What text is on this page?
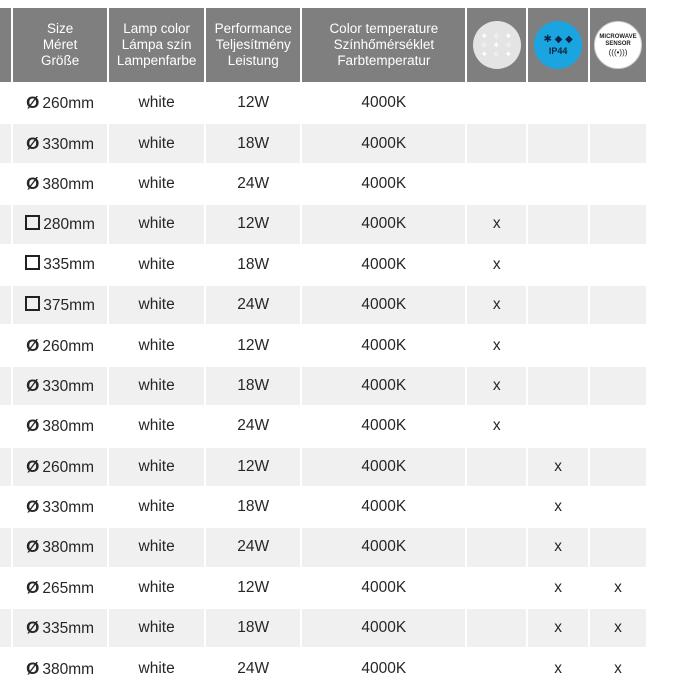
Size
Méret
Größe	Lamp color
Lámpa szín
Lampenfarbe	Performance
Teljesítmény
Leistung	Color temperature
Színhőmérséklet
Farbtemperatur	✦ ✧ ✦
✧ ✦ ✧
✦ ✧ ✦	✱ ◆ ◆
IP44	MICROWAVE
SENSOR
(((•)))

	Ø 260mm	white	12W	4000K			
	Ø 330mm	white	18W	4000K			
	Ø 380mm	white	24W	4000K			
	280mm	white	12W	4000K	x		
	335mm	white	18W	4000K	x		
	375mm	white	24W	4000K	x		
	Ø 260mm	white	12W	4000K	x		
	Ø 330mm	white	18W	4000K	x		
	Ø 380mm	white	24W	4000K	x		
	Ø 260mm	white	12W	4000K		x	
	Ø 330mm	white	18W	4000K		x	
	Ø 380mm	white	24W	4000K		x	
	Ø 265mm	white	12W	4000K		x	x
	Ø 335mm	white	18W	4000K		x	x
	Ø 380mm	white	24W	4000K		x	x
